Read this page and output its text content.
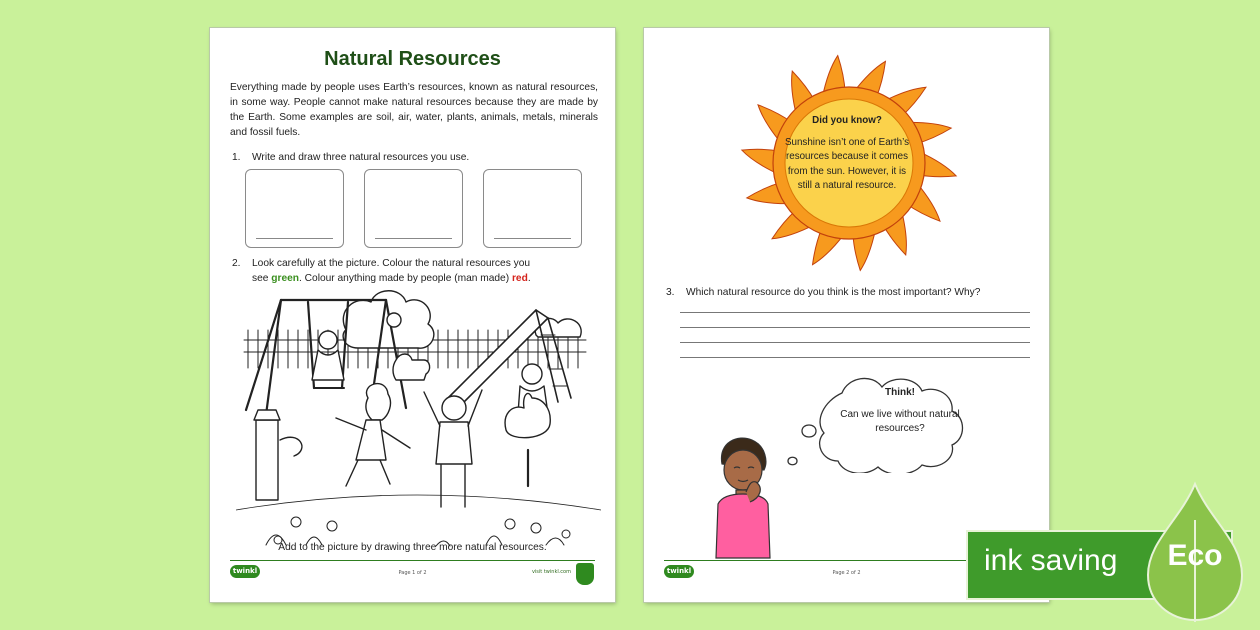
Natural Resources
Everything made by people uses Earth’s resources, known as natural resources, in some way. People cannot make natural resources because they are made by the Earth. Some examples are soil, air, water, plants, animals, metals, minerals and fossil fuels.
1. Write and draw three natural resources you use.
2. Look carefully at the picture. Colour the natural resources you
see green. Colour anything made by people (man made) red.
Add to the picture by drawing three more natural resources.
twinkl	Page 1 of 2	visit twinkl.com
Did you know?
Sunshine isn’t one of Earth’s resources because it comes from the sun. However, it is still a natural resource.
3. Which natural resource do you think is the most important? Why?
Think!
Can we live without natural resources?
twinkl	Page 2 of 2	ink saving	Eco
